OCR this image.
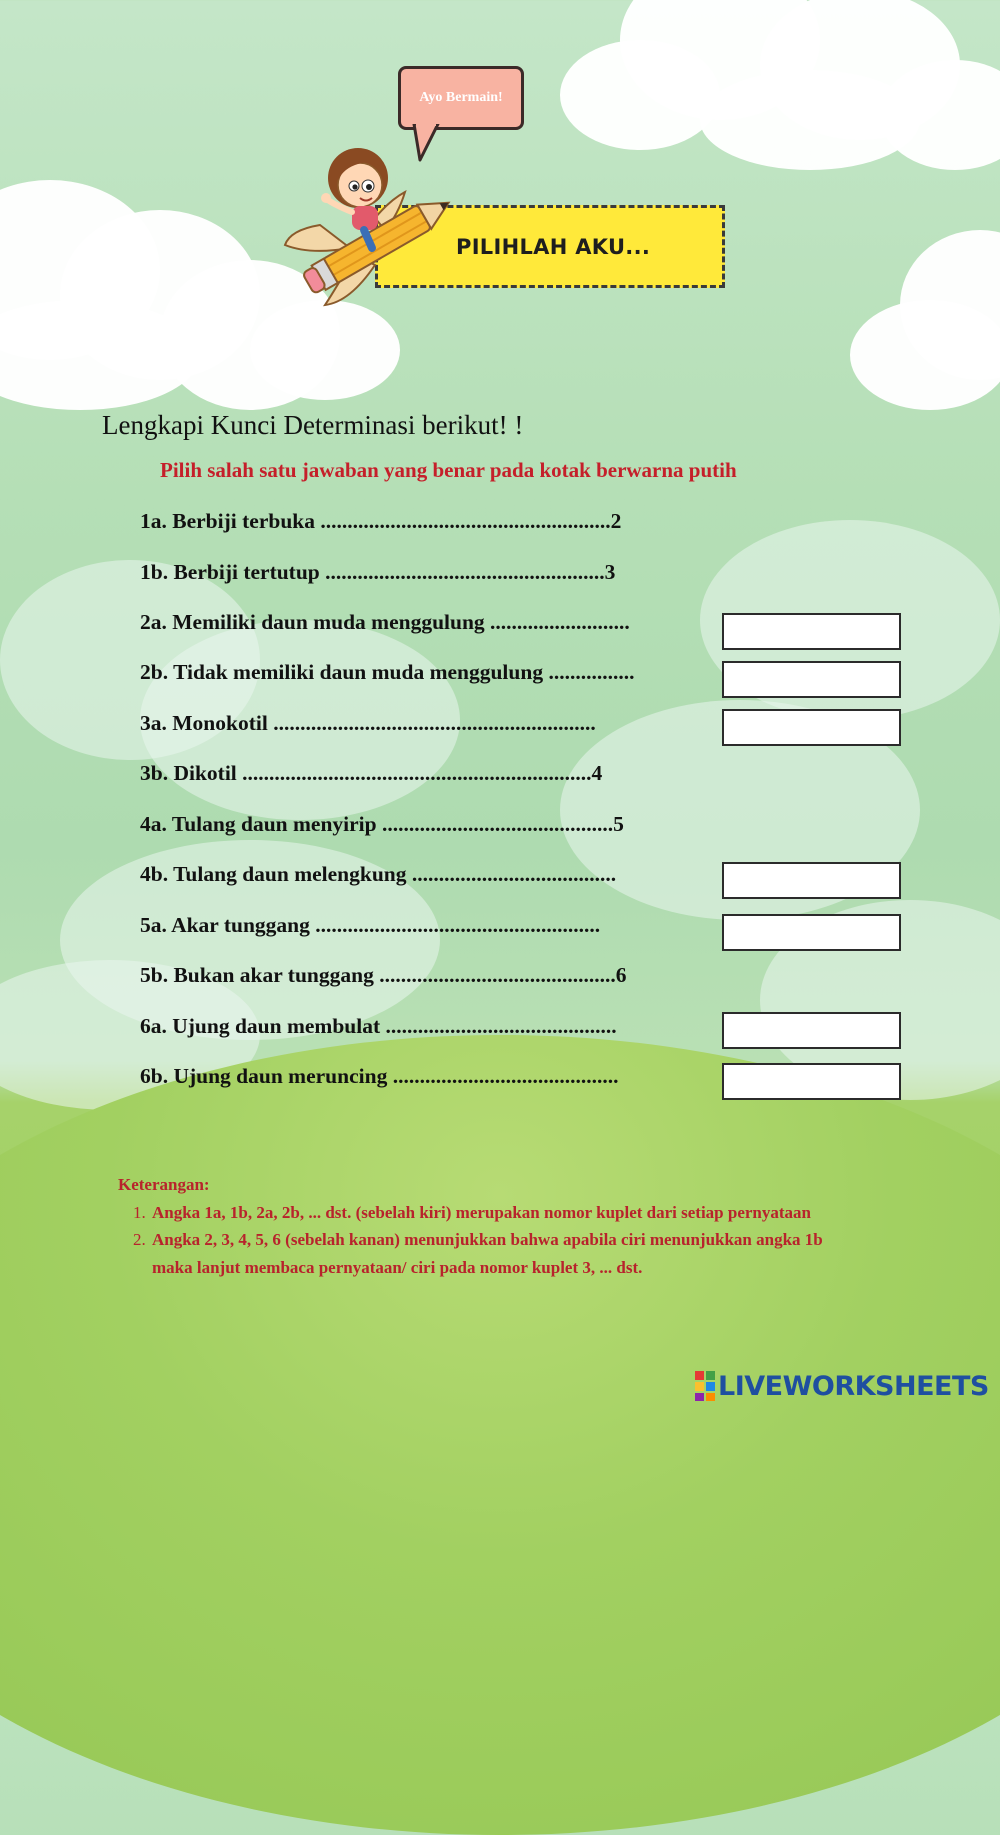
Ayo Bermain!
PILIHLAH AKU...
Lengkapi Kunci Determinasi berikut! !
Pilih salah satu jawaban yang benar pada kotak berwarna putih
1a. Berbiji terbuka ......................................................2
1b. Berbiji tertutup ....................................................3
2a. Memiliki daun muda menggulung ..........................
2b. Tidak memiliki daun muda menggulung ................
3a. Monokotil ............................................................
3b. Dikotil .................................................................4
4a. Tulang daun menyirip ...........................................5
4b. Tulang daun melengkung ......................................
5a. Akar tunggang .....................................................
5b. Bukan akar tunggang ............................................6
6a. Ujung daun membulat ...........................................
6b. Ujung daun meruncing ..........................................
Keterangan:
1. Angka 1a, 1b, 2a, 2b, ... dst. (sebelah kiri) merupakan nomor kuplet dari setiap pernyataan
2. Angka 2, 3, 4, 5, 6 (sebelah kanan) menunjukkan bahwa apabila ciri menunjukkan angka 1b
maka lanjut membaca pernyataan/ ciri pada nomor kuplet 3, ... dst.
LIVEWORKSHEETS
